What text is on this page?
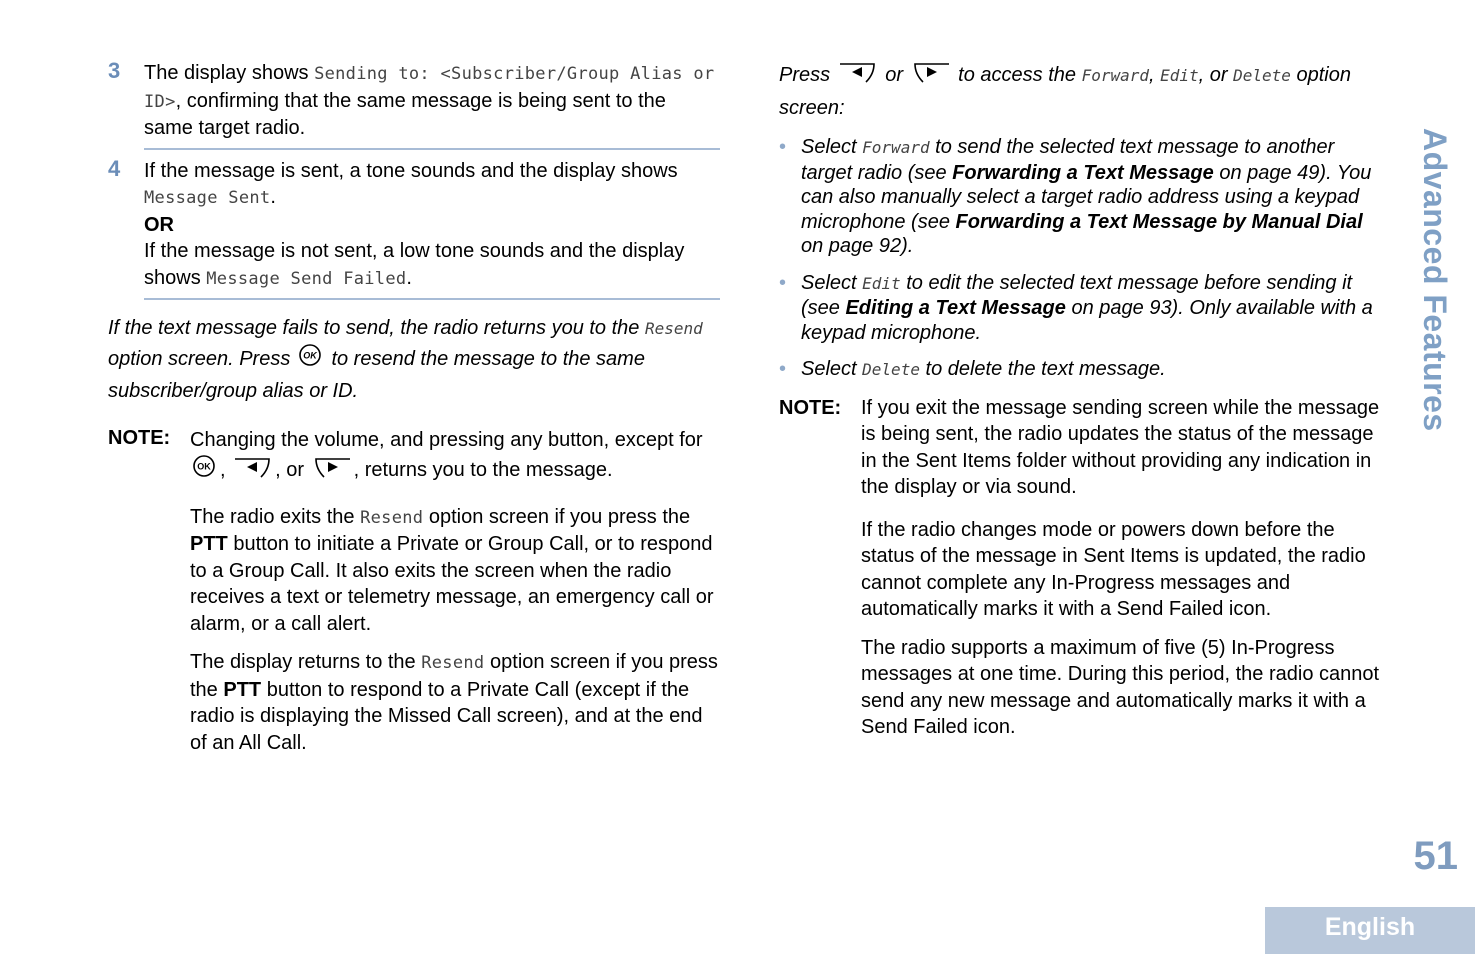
3 The display shows Sending to: <Subscriber/Group Alias or ID>, confirming that the same message is being sent to the same target radio.
4 If the message is sent, a tone sounds and the display shows
Message Sent.
OR
If the message is not sent, a low tone sounds and the display shows Message Send Failed.
If the text message fails to send, the radio returns you to the Resend option screen. Press OK to resend the message to the same subscriber/group alias or ID.
NOTE: Changing the volume, and pressing any button, except for
OK , , or , returns you to the message.

The radio exits the Resend option screen if you press the PTT button to initiate a Private or Group Call, or to respond to a Group Call. It also exits the screen when the radio receives a text or telemetry message, an emergency call or alarm, or a call alert.

The display returns to the Resend option screen if you press the PTT button to respond to a Private Call (except if the radio is displaying the Missed Call screen), and at the end of an All Call.

Press  or  to access the Forward, Edit, or Delete option screen:
• Select Forward to send the selected text message to another target radio (see Forwarding a Text Message on page 49). You can also manually select a target radio address using a keypad microphone (see Forwarding a Text Message by Manual Dial on page 92).
• Select Edit to edit the selected text message before sending it (see Editing a Text Message on page 93). Only available with a keypad microphone.
• Select Delete to delete the text message.
NOTE: If you exit the message sending screen while the message is being sent, the radio updates the status of the message in the Sent Items folder without providing any indication in the display or via sound.

If the radio changes mode or powers down before the status of the message in Sent Items is updated, the radio cannot complete any In-Progress messages and automatically marks it with a Send Failed icon.

The radio supports a maximum of five (5) In-Progress messages at one time. During this period, the radio cannot send any new message and automatically marks it with a Send Failed icon.

Advanced Features
51
English
